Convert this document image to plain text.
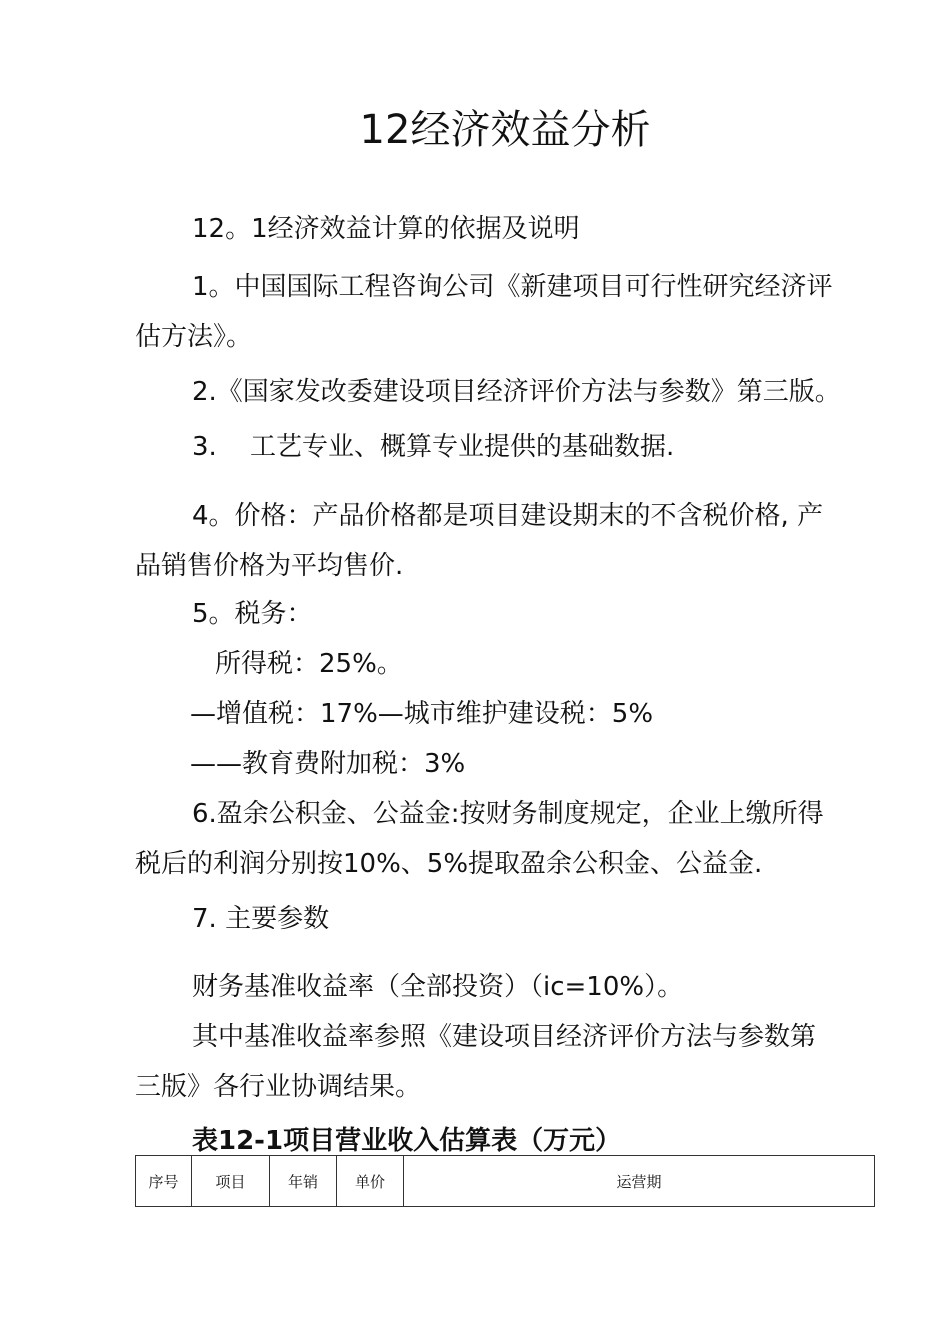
12经济效益分析
12。1经济效益计算的依据及说明
1。中国国际工程咨询公司《新建项目可行性研究经济评
估方法》。
2.《国家发改委建设项目经济评价方法与参数》第三版。
3. 工艺专业、概算专业提供的基础数据.
4。价格：产品价格都是项目建设期末的不含税价格, 产
品销售价格为平均售价.
5。税务：
所得税：25%。
—增值税：17%—城市维护建设税：5%
——教育费附加税：3%
6.盈余公积金、公益金:按财务制度规定，企业上缴所得
税后的利润分别按10%、5%提取盈余公积金、公益金.
7. 主要参数
财务基准收益率（全部投资）（ic=10%）。
其中基准收益率参照《建设项目经济评价方法与参数第
三版》各行业协调结果。
表12-1项目营业收入估算表（万元）
序号	项目	年销	单价	运营期
